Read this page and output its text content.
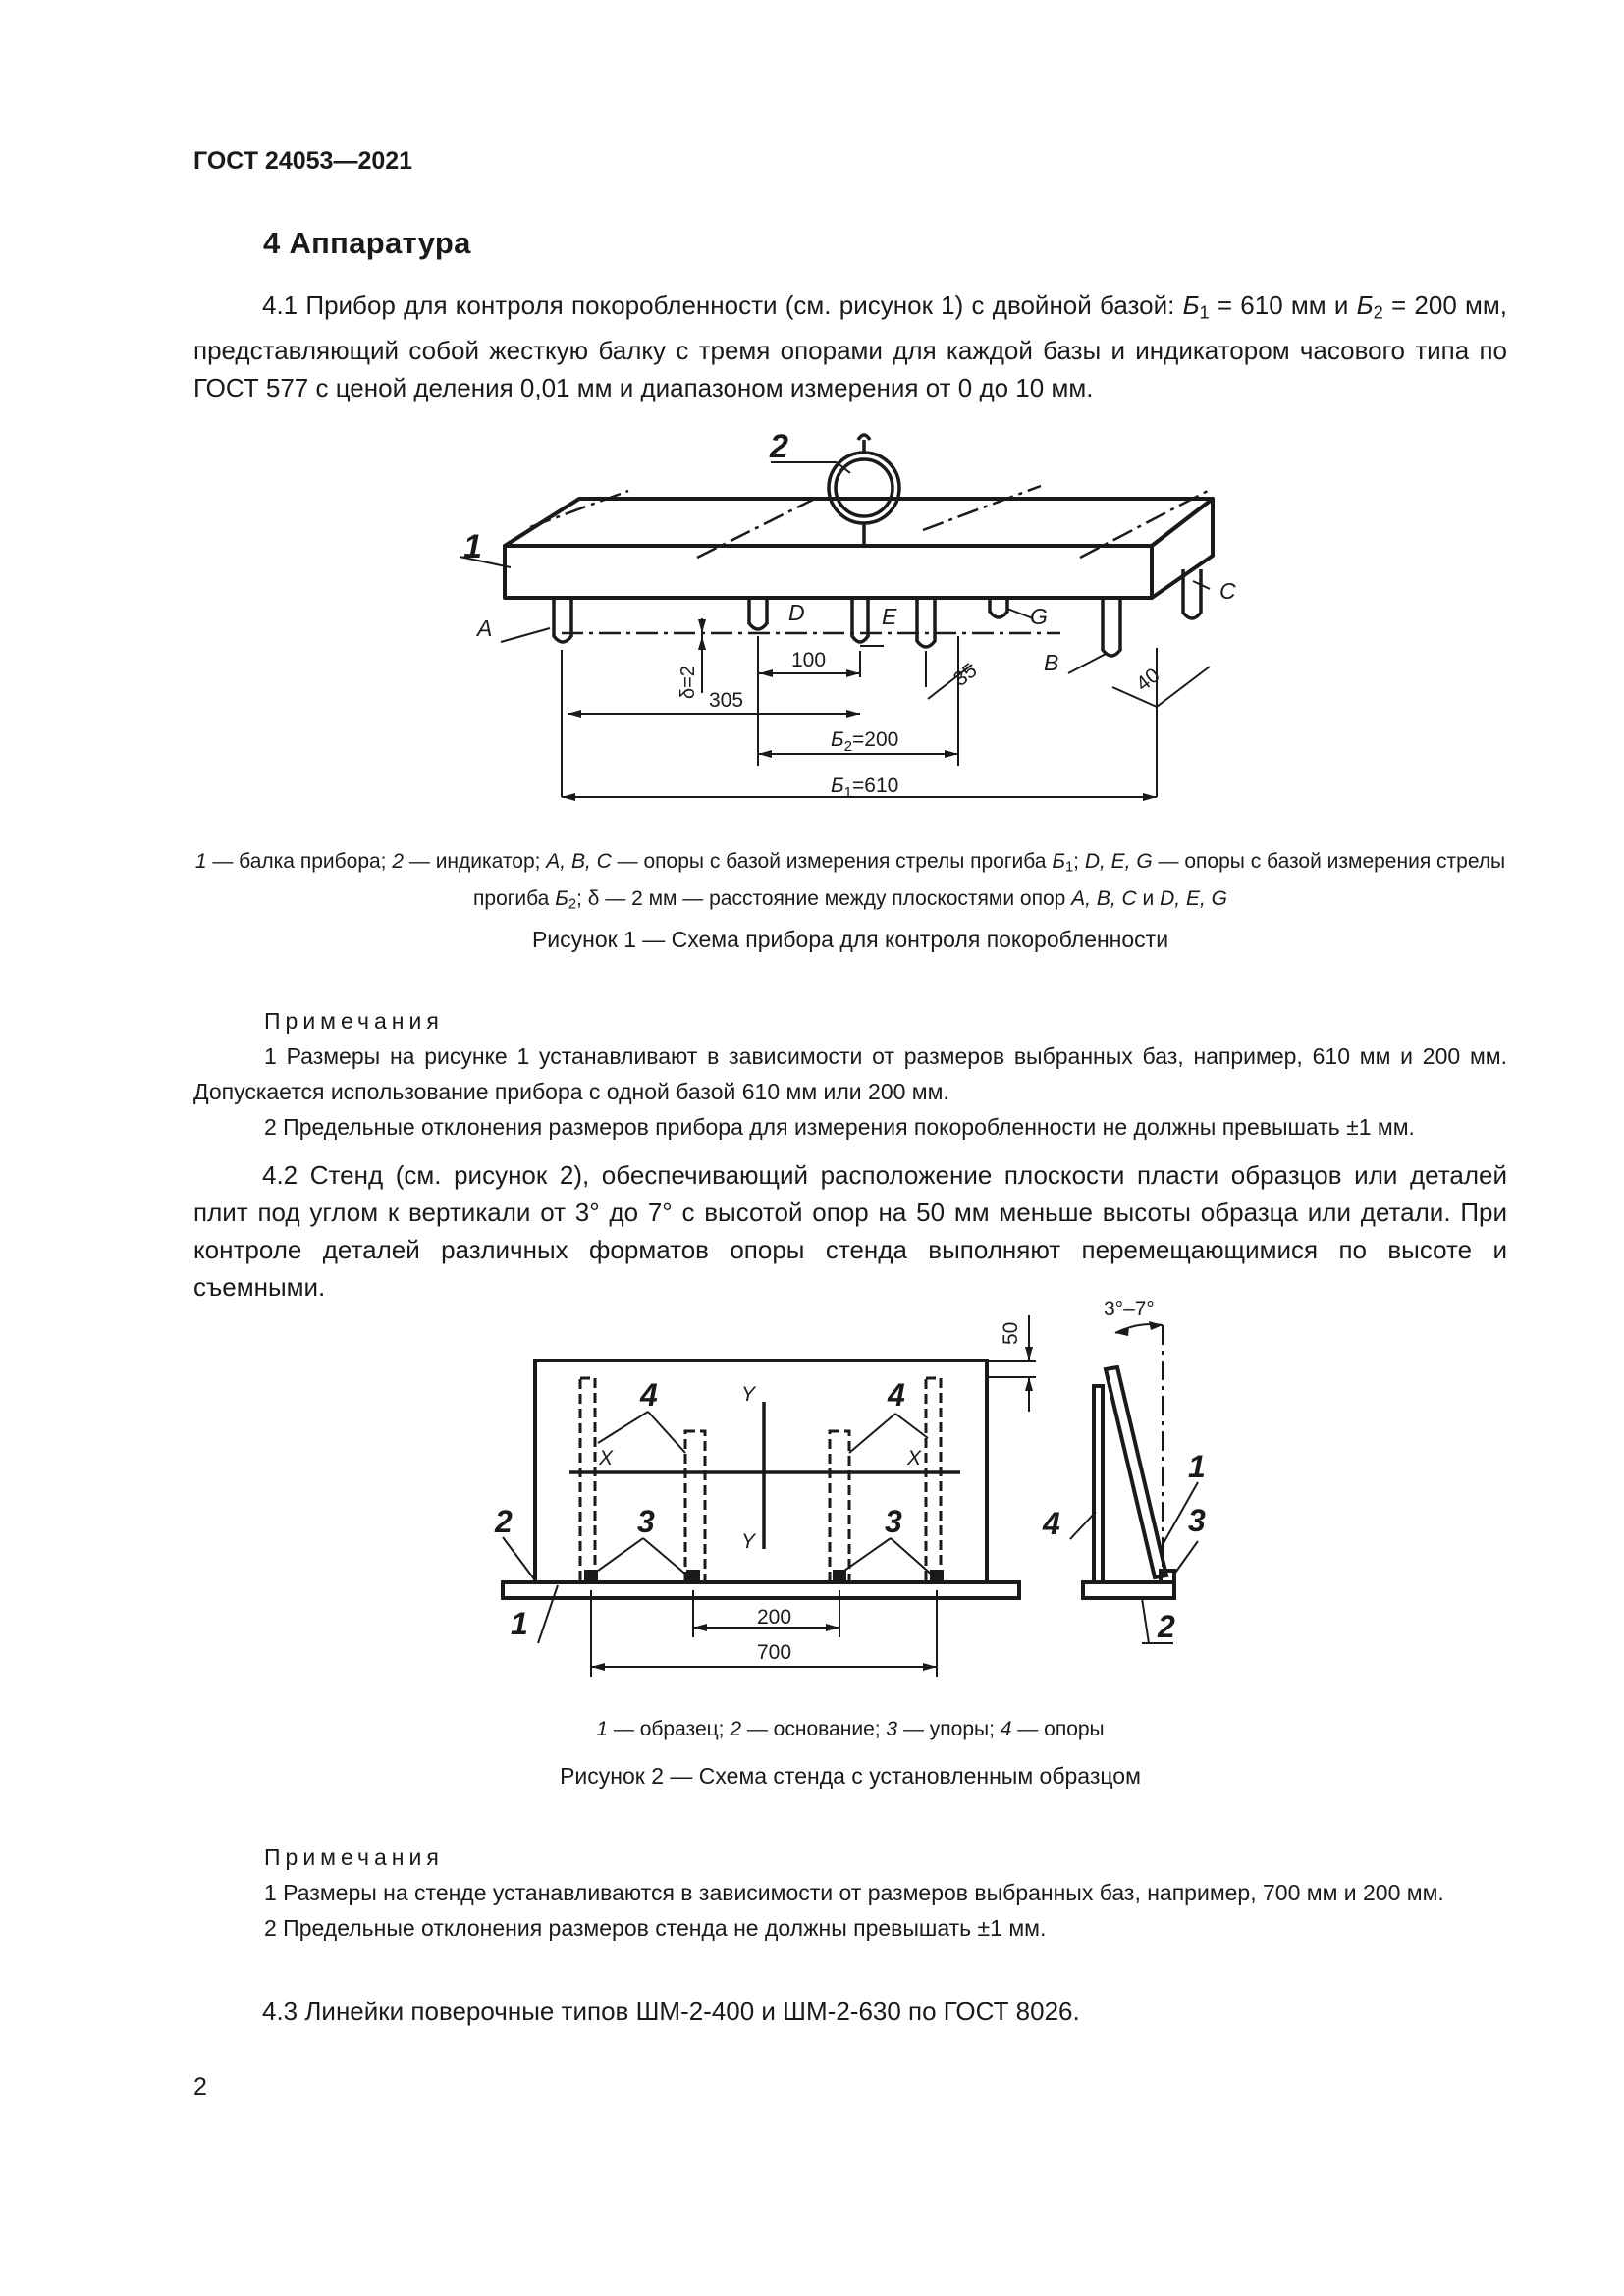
ГОСТ 24053—2021
4 Аппаратура
4.1 Прибор для контроля покоробленности (см. рисунок 1) с двойной базой: $Б_1 = 610$ мм и $Б_2 = 200$ мм, представляющий собой жесткую балку с тремя опорами для каждой базы и индикатором часового типа по ГОСТ 577 с ценой деления 0,01 мм и диапазоном измерения от 0 до 10 мм.
1
2
A
B
C
D	E	G
δ=2
100
305
35	40
$Б_2=200$
$Б_1=610$
1 — балка прибора; 2 — индикатор; A, B, C — опоры с базой измерения стрелы прогиба $Б_1$; D, E, G — опоры с базой измерения стрелы прогиба $Б_2$; δ — 2 мм — расстояние между плоскостями опор A, B, C и D, E, G
Рисунок 1 — Схема прибора для контроля покоробленности
Примечания
1 Размеры на рисунке 1 устанавливают в зависимости от размеров выбранных баз, например, 610 мм и 200 мм. Допускается использование прибора с одной базой 610 мм или 200 мм.
2 Предельные отклонения размеров прибора для измерения покоробленности не должны превышать ±1 мм.
4.2 Стенд (см. рисунок 2), обеспечивающий расположение плоскости пласти образцов или деталей плит под углом к вертикали от 3° до 7° с высотой опор на 50 мм меньше высоты образца или детали. При контроле деталей различных форматов опоры стенда выполняют перемещающимися по высоте и съемными.
2
1
4	4
3	3	4
1
3
2
X	X
Y
Y
50
200
700
3°–7°
1 — образец; 2 — основание; 3 — упоры; 4 — опоры
Рисунок 2 — Схема стенда с установленным образцом
Примечания
1 Размеры на стенде устанавливаются в зависимости от размеров выбранных баз, например, 700 мм и 200 мм.
2 Предельные отклонения размеров стенда не должны превышать ±1 мм.
4.3 Линейки поверочные типов ШМ-2-400 и ШМ-2-630 по ГОСТ 8026.
2
